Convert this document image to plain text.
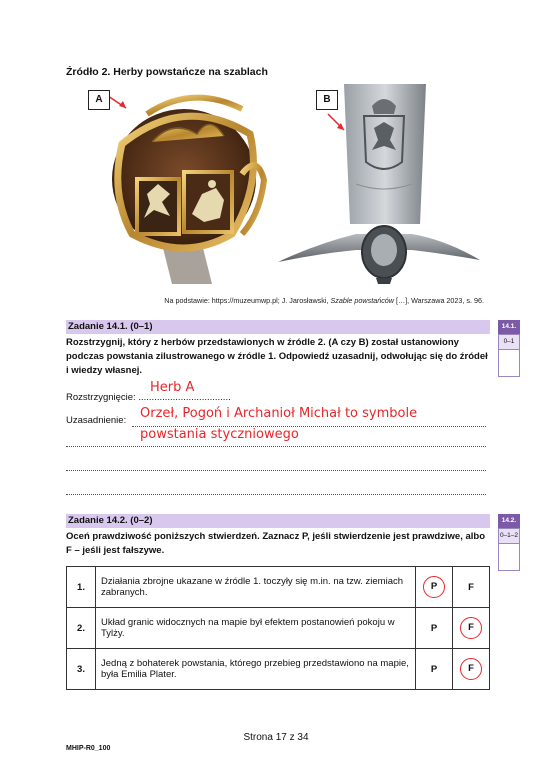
Źródło 2. Herby powstańcze na szablach
A	B
Na podstawie: https://muzeumwp.pl; J. Jarosławski, Szable powstańców […], Warszawa 2023, s. 96.
Zadanie 14.1. (0–1)	14.1.
0–1
Rozstrzygnij, który z herbów przedstawionych w źródle 2. (A czy B) został ustanowiony podczas powstania zilustrowanego w źródle 1. Odpowiedź uzasadnij, odwołując się do źródeł i wiedzy własnej.
Rozstrzygnięcie: ...................................
Herb A
Uzasadnienie: Orzeł, Pogoń i Archanioł Michał to symbole
powstania styczniowego
Zadanie 14.2. (0–2)	14.2.
0–1–2
Oceń prawdziwość poniższych stwierdzeń. Zaznacz P, jeśli stwierdzenie jest prawdziwe, albo F – jeśli jest fałszywe.
1.	Działania zbrojne ukazane w źródle 1. toczyły się m.in. na tzw. ziemiach zabranych.	P	F
2.	Układ granic widocznych na mapie był efektem postanowień pokoju w Tylży.	P	F
3.	Jedną z bohaterek powstania, którego przebieg przedstawiono na mapie, była Emilia Plater.	P	F
Strona 17 z 34
MHIP-R0_100
